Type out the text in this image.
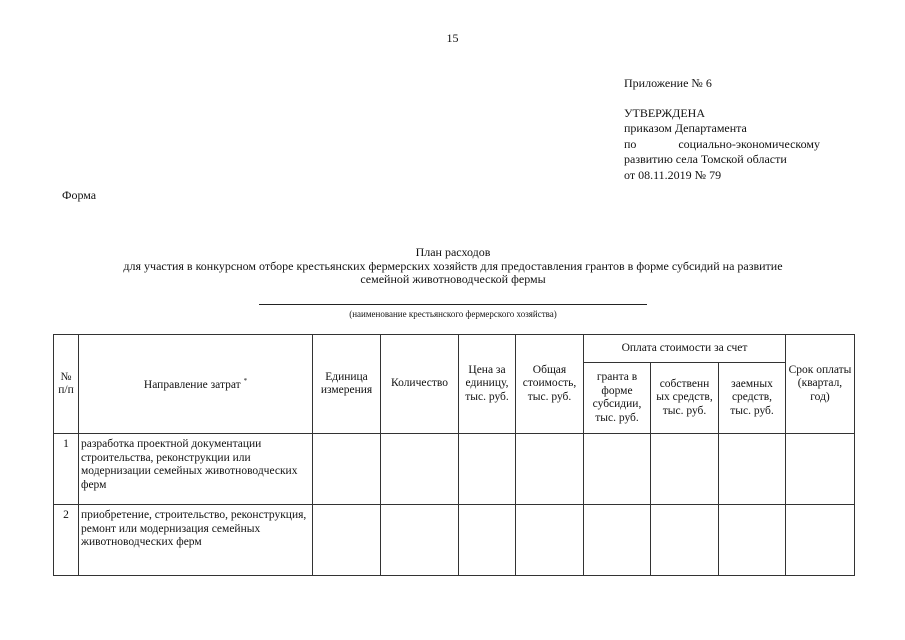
15
Приложение № 6
УТВЕРЖДЕНА
приказом Департамента
по	социально-экономическому
развитию села Томской области
от 08.11.2019 № 79
Форма
План расходов
для участия в конкурсном отборе крестьянских фермерских хозяйств для предоставления грантов в форме субсидий на развитие
семейной животноводческой фермы
(наименование крестьянского фермерского хозяйства)
№ п/п	Направление затрат *	Единица измерения	Количество	Цена за единицу, тыс. руб.	Общая стоимость, тыс. руб.	Оплата стоимости за счет			Срок оплаты (квартал, год)
						гранта в форме субсидии, тыс. руб.	собственн ых средств, тыс. руб.	заемных средств, тыс. руб.	
1	разработка проектной документации строительства, реконструкции или модернизации семейных животноводческих ферм								
2	приобретение, строительство, реконструкция, ремонт или модернизация семейных животноводческих ферм								
